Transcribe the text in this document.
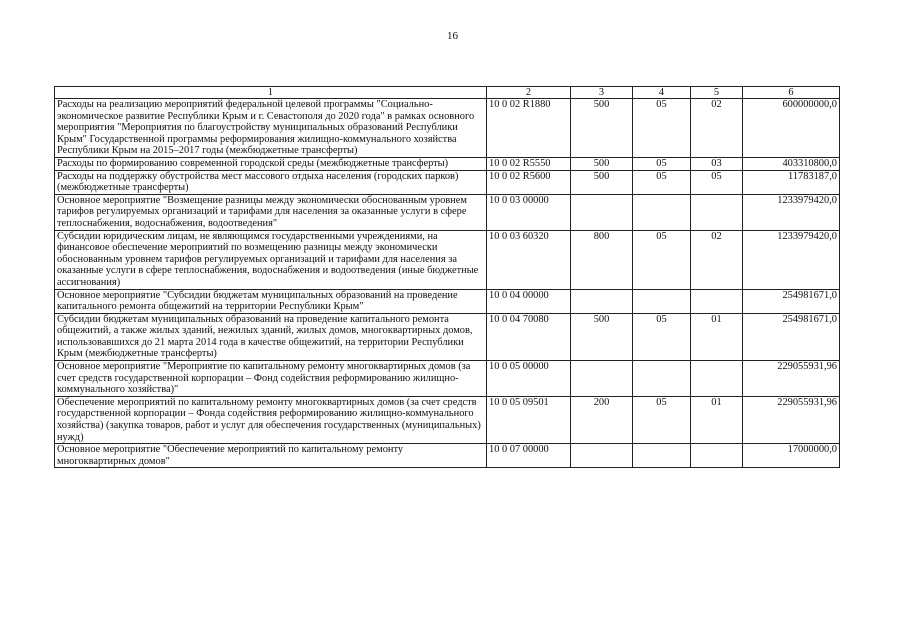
16
1	2	3	4	5	6
Расходы на реализацию мероприятий федеральной целевой программы "Социально-экономическое развитие Республики Крым и г. Севастополя до 2020 года" в рамках основного мероприятия "Мероприятия по благоустройству муниципальных образований Республики Крым" Государственной программы реформирования жилищно-коммунального хозяйства Республики Крым на 2015–2017 годы (межбюджетные трансферты)	10 0 02 R1880	500	05	02	600000000,0
Расходы по формированию современной городской среды (межбюджетные трансферты)	10 0 02 R5550	500	05	03	403310800,0
Расходы на поддержку обустройства мест массового отдыха населения (городских парков) (межбюджетные трансферты)	10 0 02 R5600	500	05	05	11783187,0
Основное мероприятие "Возмещение разницы между экономически обоснованным уровнем тарифов регулируемых организаций и тарифами для населения за оказанные услуги в сфере теплоснабжения, водоснабжения, водоотведения"	10 0 03 00000				1233979420,0
Субсидии юридическим лицам, не являющимся государственными учреждениями, на финансовое обеспечение мероприятий по возмещению разницы между экономически обоснованным уровнем тарифов регулируемых организаций и тарифами для населения за оказанные услуги в сфере теплоснабжения, водоснабжения и водоотведения (иные бюджетные ассигнования)	10 0 03 60320	800	05	02	1233979420,0
Основное мероприятие "Субсидии бюджетам муниципальных образований на проведение капитального ремонта общежитий на территории Республики Крым"	10 0 04 00000				254981671,0
Субсидии бюджетам муниципальных образований на проведение капитального ремонта общежитий, а также жилых зданий, нежилых зданий, жилых домов, многоквартирных домов, использовавшихся до 21 марта 2014 года в качестве общежитий, на территории Республики Крым (межбюджетные трансферты)	10 0 04 70080	500	05	01	254981671,0
Основное мероприятие "Мероприятие по капитальному ремонту многоквартирных домов (за счет средств государственной корпорации – Фонд содействия реформированию жилищно-коммунального хозяйства)"	10 0 05 00000				229055931,96
Обеспечение мероприятий по капитальному ремонту многоквартирных домов (за счет средств государственной корпорации – Фонда содействия реформированию жилищно-коммунального хозяйства) (закупка товаров, работ и услуг для обеспечения государственных (муниципальных) нужд)	10 0 05 09501	200	05	01	229055931,96
Основное мероприятие "Обеспечение мероприятий по капитальному ремонту многоквартирных домов"	10 0 07 00000				17000000,0
